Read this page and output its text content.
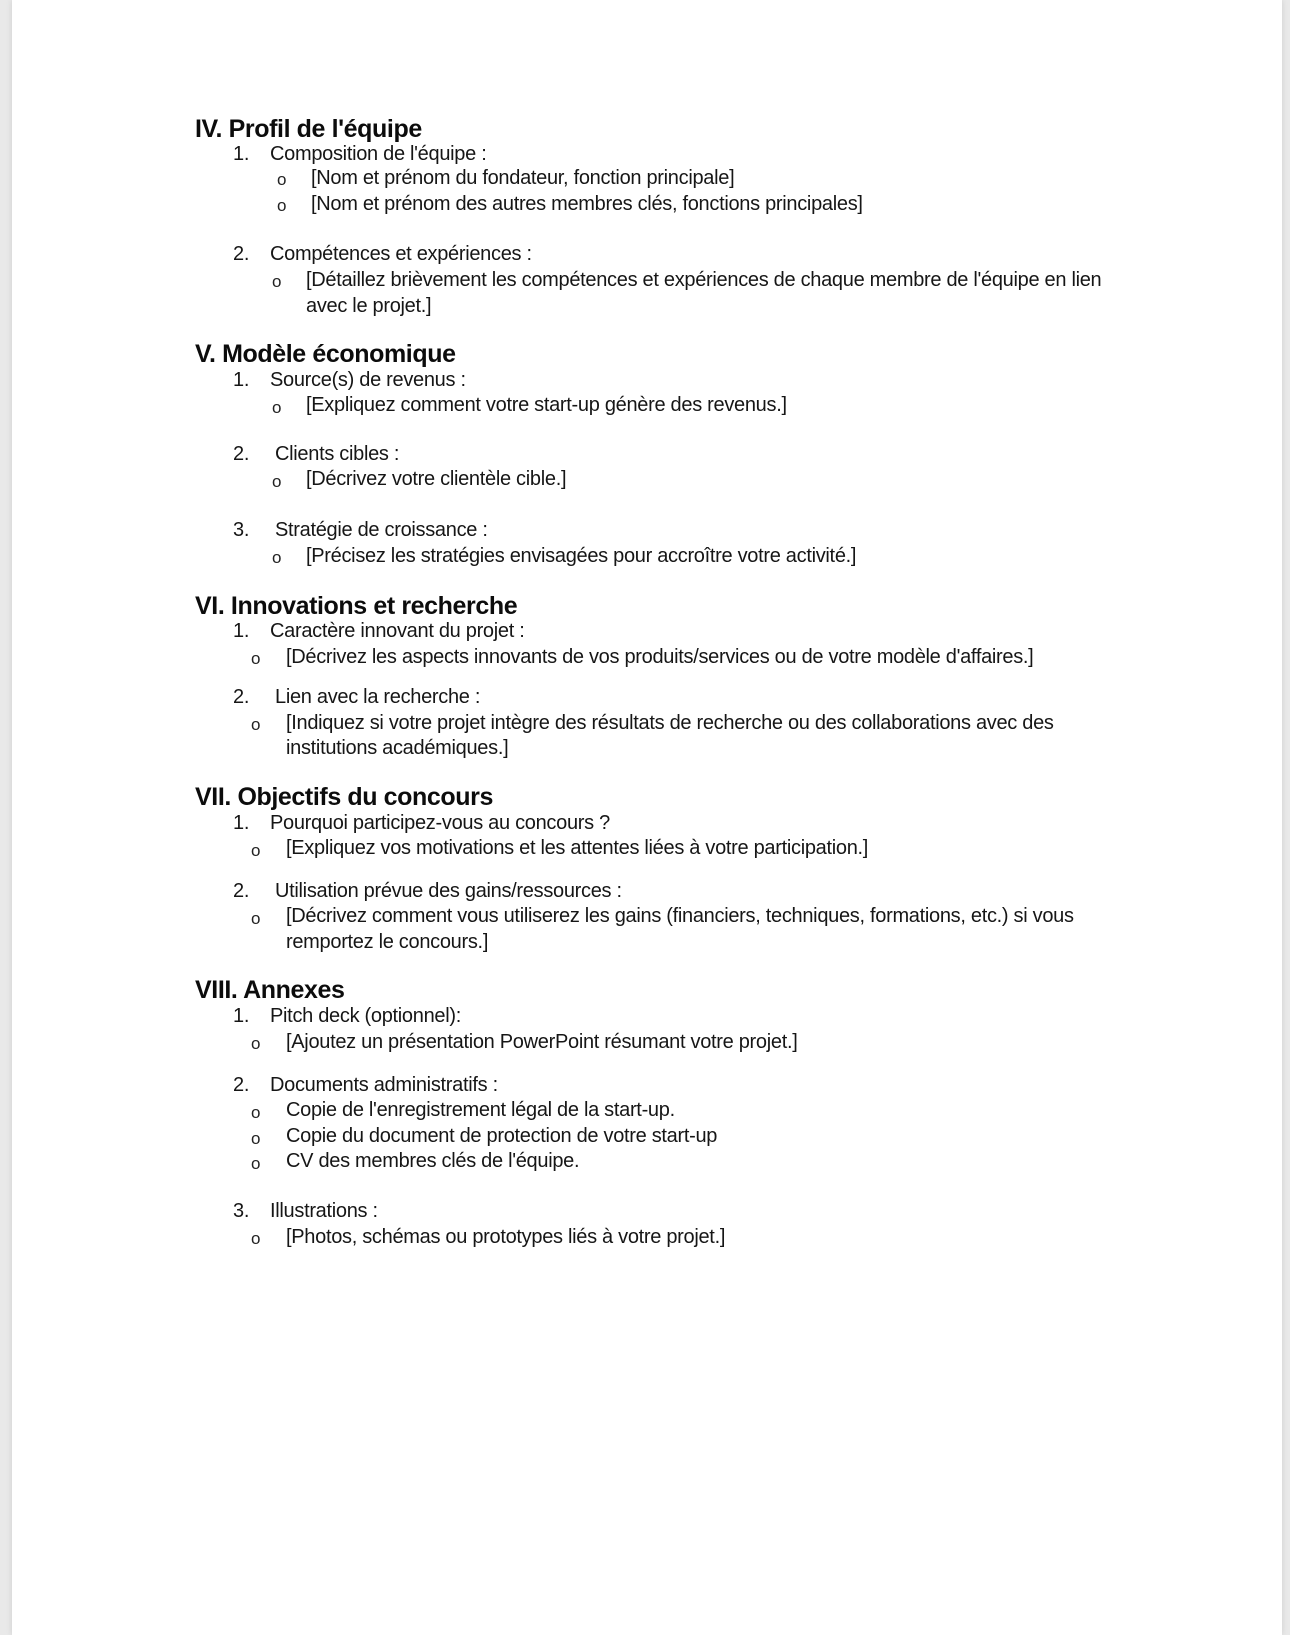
IV. Profil de l'équipe
1. Composition de l'équipe :
o [Nom et prénom du fondateur, fonction principale]
o [Nom et prénom des autres membres clés, fonctions principales]
2. Compétences et expériences :
o [Détaillez brièvement les compétences et expériences de chaque membre de l'équipe en lien
avec le projet.]
V. Modèle économique
1. Source(s) de revenus :
o [Expliquez comment votre start-up génère des revenus.]
2. Clients cibles :
o [Décrivez votre clientèle cible.]
3. Stratégie de croissance :
o [Précisez les stratégies envisagées pour accroître votre activité.]
VI. Innovations et recherche
1. Caractère innovant du projet :
o [Décrivez les aspects innovants de vos produits/services ou de votre modèle d'affaires.]
2. Lien avec la recherche :
o [Indiquez si votre projet intègre des résultats de recherche ou des collaborations avec des
institutions académiques.]
VII. Objectifs du concours
1. Pourquoi participez-vous au concours ?
o [Expliquez vos motivations et les attentes liées à votre participation.]
2. Utilisation prévue des gains/ressources :
o [Décrivez comment vous utiliserez les gains (financiers, techniques, formations, etc.) si vous
remportez le concours.]
VIII. Annexes
1. Pitch deck (optionnel):
o [Ajoutez un présentation PowerPoint résumant votre projet.]
2. Documents administratifs :
o Copie de l'enregistrement légal de la start-up.
o Copie du document de protection de votre start-up
o CV des membres clés de l'équipe.
3. Illustrations :
o [Photos, schémas ou prototypes liés à votre projet.]
